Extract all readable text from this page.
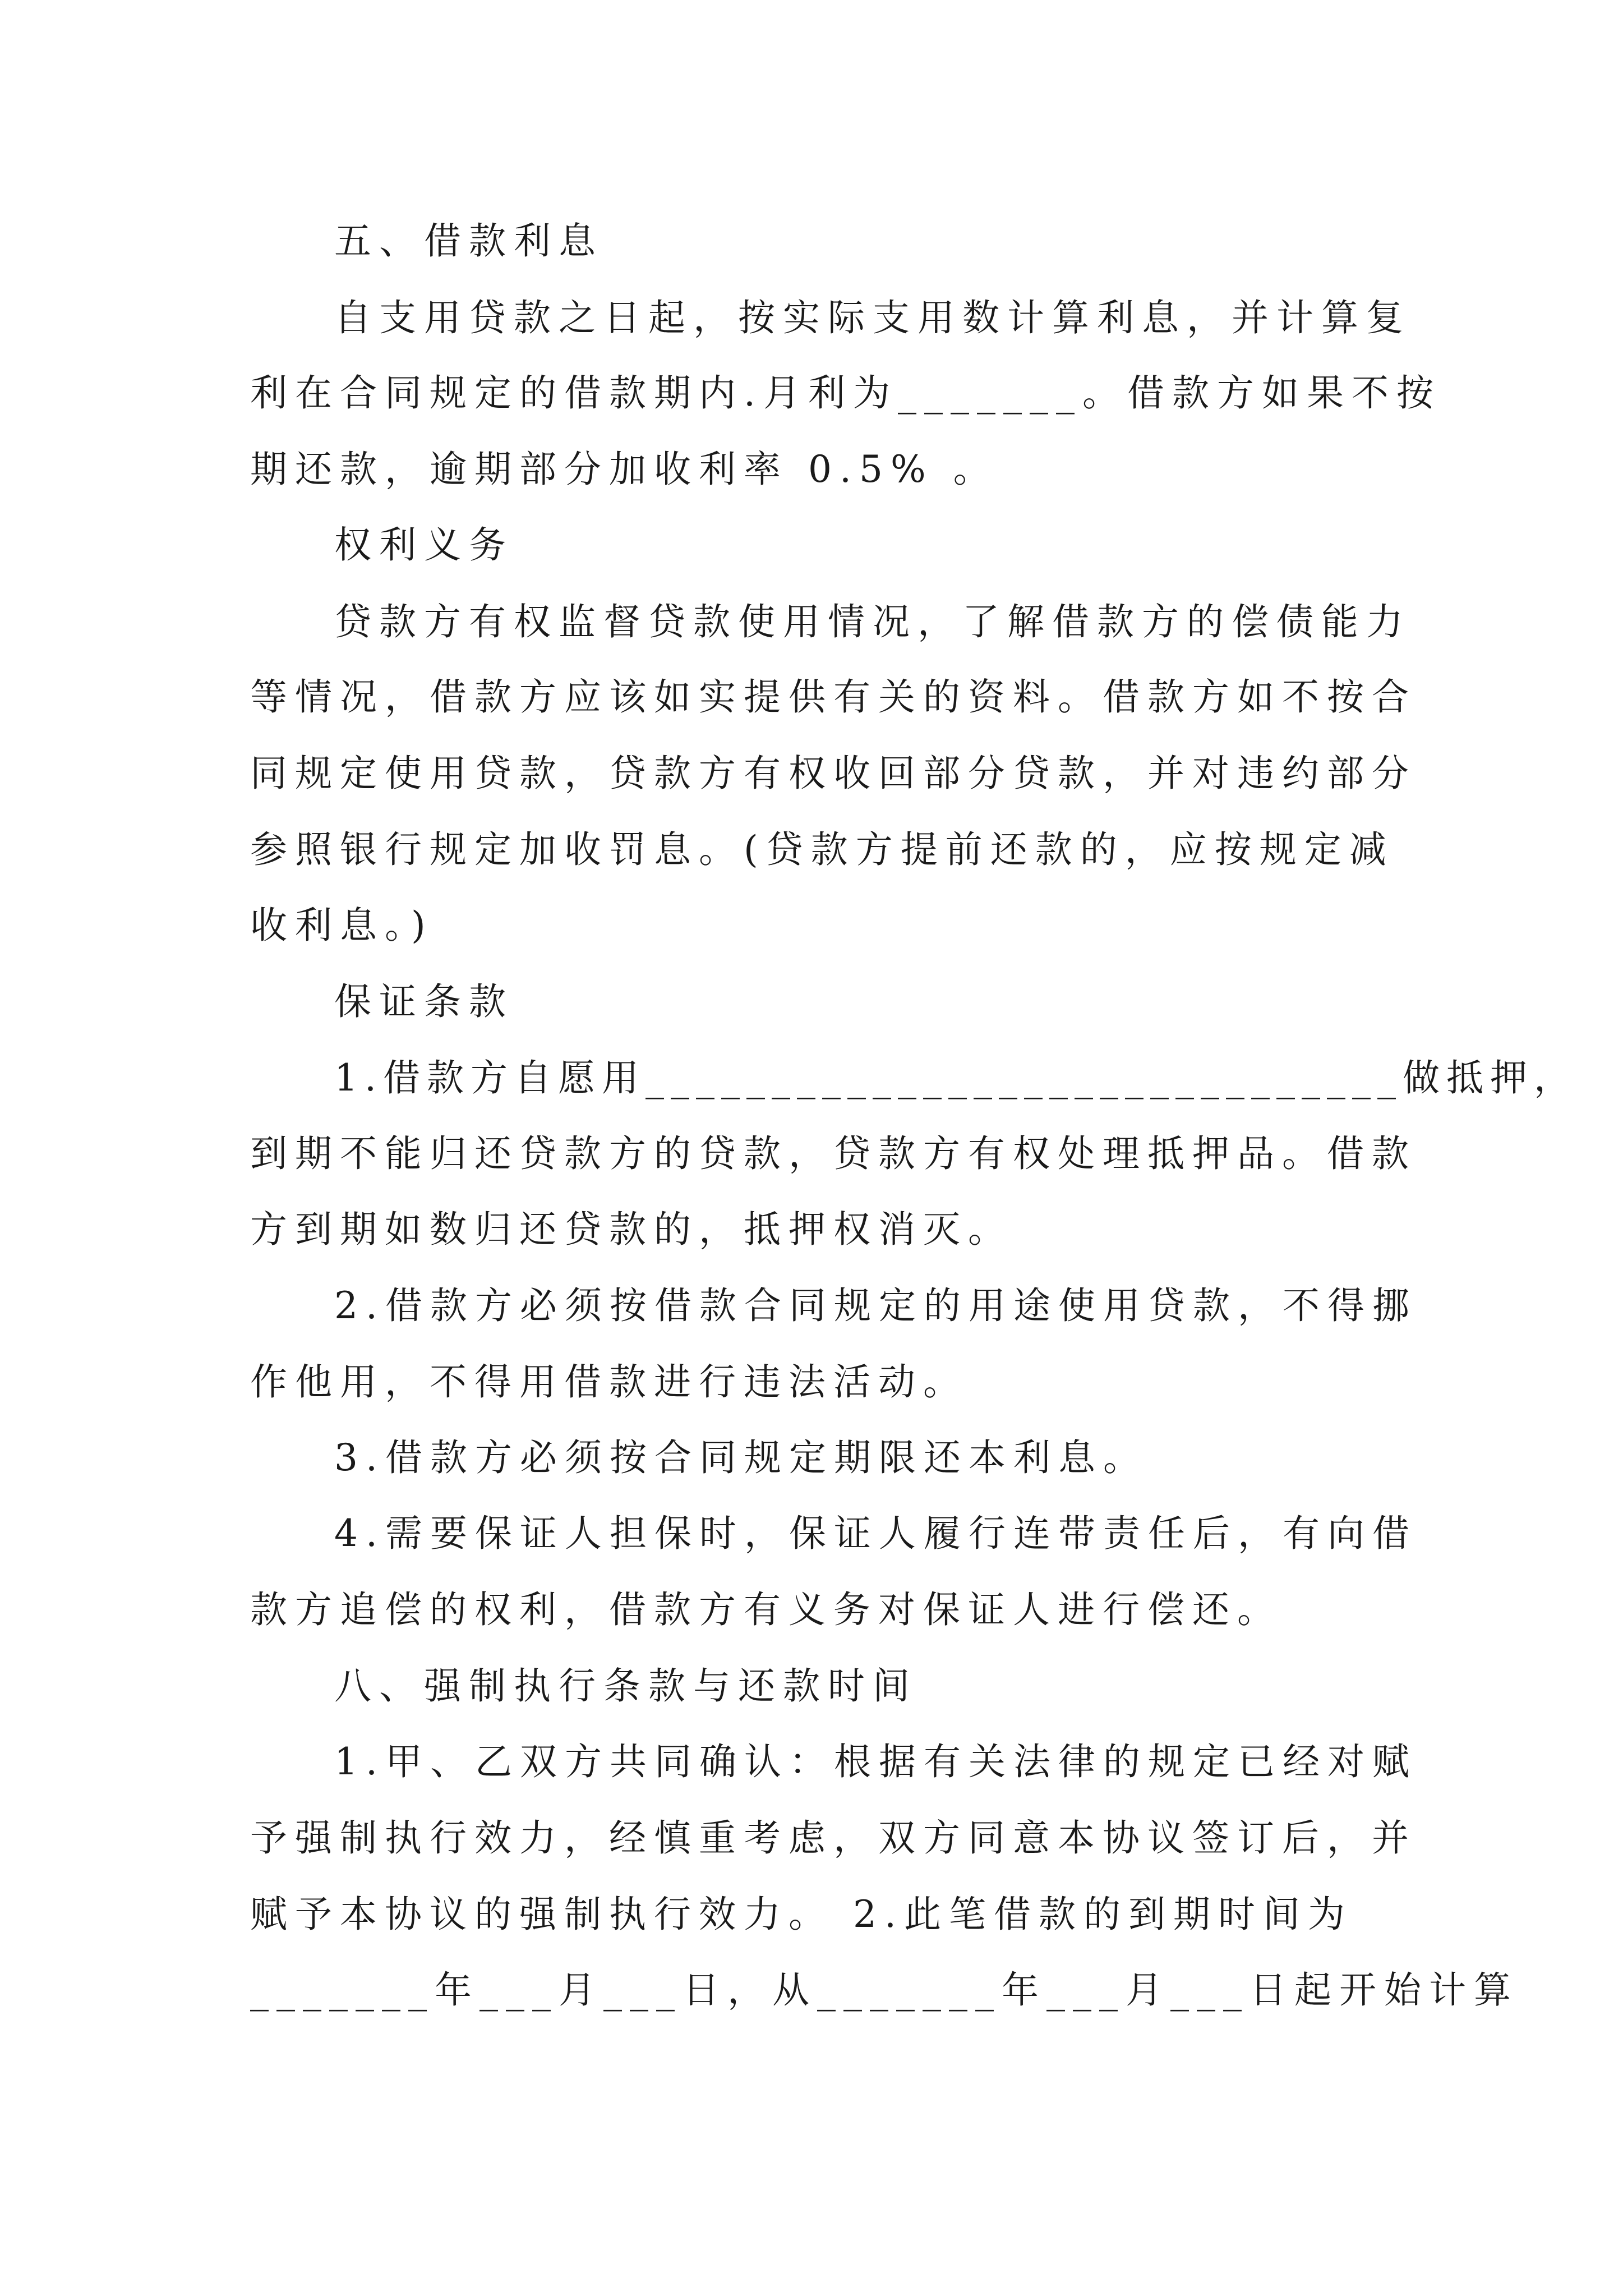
五、借款利息
自支用贷款之日起，按实际支用数计算利息，并计算复
利在合同规定的借款期内.月利为_______。借款方如果不按
期还款，逾期部分加收利率 0.5% 。
权利义务
贷款方有权监督贷款使用情况，了解借款方的偿债能力
等情况，借款方应该如实提供有关的资料。借款方如不按合
同规定使用贷款，贷款方有权收回部分贷款，并对违约部分
参照银行规定加收罚息。(贷款方提前还款的，应按规定减
收利息。)
保证条款
1.借款方自愿用______________________________做抵押，
到期不能归还贷款方的贷款，贷款方有权处理抵押品。借款
方到期如数归还贷款的，抵押权消灭。
2.借款方必须按借款合同规定的用途使用贷款，不得挪
作他用，不得用借款进行违法活动。
3.借款方必须按合同规定期限还本利息。
4.需要保证人担保时，保证人履行连带责任后，有向借
款方追偿的权利，借款方有义务对保证人进行偿还。
八、强制执行条款与还款时间
1.甲、乙双方共同确认：根据有关法律的规定已经对赋
予强制执行效力，经慎重考虑，双方同意本协议签订后，并
赋予本协议的强制执行效力。 2.此笔借款的到期时间为
_______年___月___日，从_______年___月___日起开始计算
